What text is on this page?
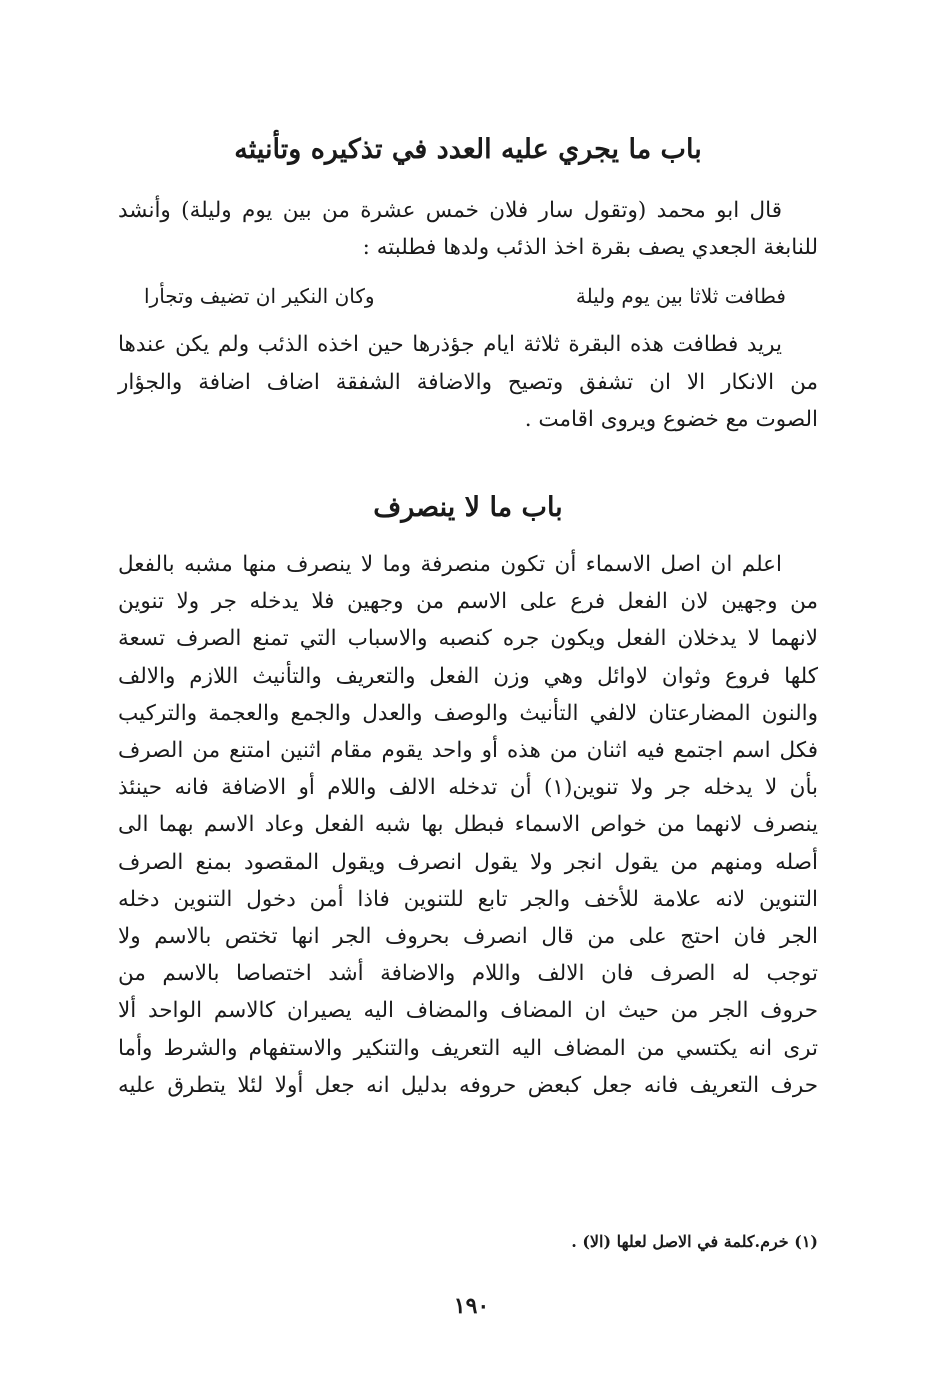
باب ما يجري عليه العدد في تذكيره وتأنيثه
قال ابو محمد (وتقول سار فلان خمس عشرة من بين يوم وليلة) وأنشد
للنابغة الجعدي يصف بقرة اخذ الذئب ولدها فطلبته :
فطافت ثلاثا بين يوم وليلة
وكان النكير ان تضيف وتجأرا
يريد فطافت هذه البقرة ثلاثة ايام جؤذرها حين اخذه الذئب ولم يكن عندها
من الانكار الا ان تشفق وتصيح والاضافة الشفقة اضاف اضافة والجؤار
الصوت مع خضوع ويروى اقامت .
باب ما لا ينصرف
اعلم ان اصل الاسماء أن تكون منصرفة وما لا ينصرف منها مشبه بالفعل
من وجهين لان الفعل فرع على الاسم من وجهين فلا يدخله جر ولا تنوين
لانهما لا يدخلان الفعل ويكون جره كنصبه والاسباب التي تمنع الصرف تسعة
كلها فروع وثوان لاوائل وهي وزن الفعل والتعريف والتأنيث اللازم والالف
والنون المضارعتان لالفي التأنيث والوصف والعدل والجمع والعجمة والتركيب
فكل اسم اجتمع فيه اثنان من هذه أو واحد يقوم مقام اثنين امتنع من الصرف
بأن لا يدخله جر ولا تنوين(١) أن تدخله الالف واللام أو الاضافة فانه حينئذ
ينصرف لانهما من خواص الاسماء فبطل بها شبه الفعل وعاد الاسم بهما الى
أصله ومنهم من يقول انجر ولا يقول انصرف ويقول المقصود بمنع الصرف
التنوين لانه علامة للأخف والجر تابع للتنوين فاذا أمن دخول التنوين دخله
الجر فان احتج على من قال انصرف بحروف الجر انها تختص بالاسم ولا
توجب له الصرف فان الالف واللام والاضافة أشد اختصاصا بالاسم من
حروف الجر من حيث ان المضاف والمضاف اليه يصيران كالاسم الواحد ألا
ترى انه يكتسي من المضاف اليه التعريف والتنكير والاستفهام والشرط وأما
حرف التعريف فانه جعل كبعض حروفه بدليل انه جعل أولا لئلا يتطرق عليه
(١) خرم.كلمة في الاصل لعلها (الا) .
١٩٠
